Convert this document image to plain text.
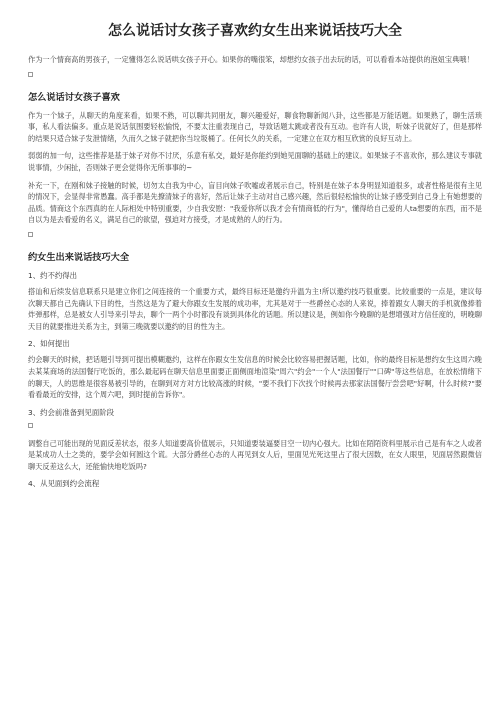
怎么说话讨女孩子喜欢约女生出来说话技巧大全

作为一个情商高的男孩子，一定懂得怎么说话哄女孩子开心。如果你的嘴很笨，却想约女孩子出去玩的话，可以看看本站提供的泡妞宝典哦！

怎么说话讨女孩子喜欢

作为一个妹子，从聊天的角度来看，如果不熟，可以聊共同朋友，聊兴趣爱好，聊食物聊新闻八卦，这些都是万能话题。如果熟了，聊生活琐事，私人看法偏多。重点是说话氛围要轻松愉悦，不要太注重表现自己，导致话题太跳或者没有互动。也许有人说，听妹子说就好了，但是那样的结果只适合妹子发泄情绪，久而久之妹子就把你当垃圾桶了。任何长久的关系，一定建立在双方相互欣赏的良好互动上。

弱弱的加一句，这些推荐是基于妹子对你不讨厌，乐意有私交，最好是你能约到她见面聊的基础上的建议。如果妹子不喜欢你，那么建议专事就说事情，少闲扯，否则妹子更会觉得你无所事事的~

补充一下，在刚和妹子接触的时候，切勿太自我为中心，盲目向妹子吹嘘或者展示自己，特别是在妹子本身明显知道很多，或者性格是很有主见的情况下，会显得非常愚蠢。高手都是先撩清妹子的喜好，然后让妹子主动对自己感兴趣，然后很轻松愉快的让妹子感受到自己身上有她想要的品质。情商这个东西真的在人际相处中特别重要，少自我安慰："我爱你所以我才会有情商低的行为"，懂得给自己爱的人ta想要的东西，而不是自以为是去看爱的名义，满足自己的欲望，强迫对方接受，才是成熟的人的行为。

约女生出来说话技巧大全

1、约不约得出

搭讪和后续发信息联系只是建立你们之间连接的一个重要方式，最终目标还是邀约升温为主!所以邀约技巧很重要。比较重要的一点是，建议每次聊天都自己先确认下目的性，当然这是为了避大你跟女生发展的成功率，尤其是对于一些爵丝心态的人来说，捧着跟女人聊天的手机就像捧着炸弹那样，总是被女人引导来引导去，聊个一两个小时都没有谈到具体化的话题。所以建议是，例如你今晚聊的是想增强对方信任度的，明晚聊天目的就要推进关系为主，到第三晚就要以邀约的目的性为主。

2、如何提出

约会聊天的时候，把话题引导到可提出模糊邀约，这样在你跟女生发信息的时候会比较容易把握话题，比如，你的最终目标是想约女生这周六晚去某某商场的法国餐厅吃饭的，那么最起码在聊天信息里面要正面侧面地渲染"周六"约会"一个人"法国餐厅""口碑"等这些信息，在放松情绪下的聊天，人的思维是很容易被引导的，在聊到对方对方比较高涨的时候，"要不我们下次找个时候再去那家法国餐厅尝尝吧"好啊，什么时候?"要看看最近的安排，这个周六吧，到时提前告诉你"。

3、约会前准备到见面阶段

调整自己可能出现的见面反差状态，很多人知道要高价值展示，只知道要装逼要目空一切内心强大。比如在陌陌资料里展示自己是有车之人或者是某成功人士之类的，要学会如何圆这个谎。大部分爵丝心态的人再见到女人后，里面见光死这里占了很大因数，在女人眼里，见面居然跟微信聊天反差这么大，还能愉快地吃饭吗?

4、从见面到约会流程
